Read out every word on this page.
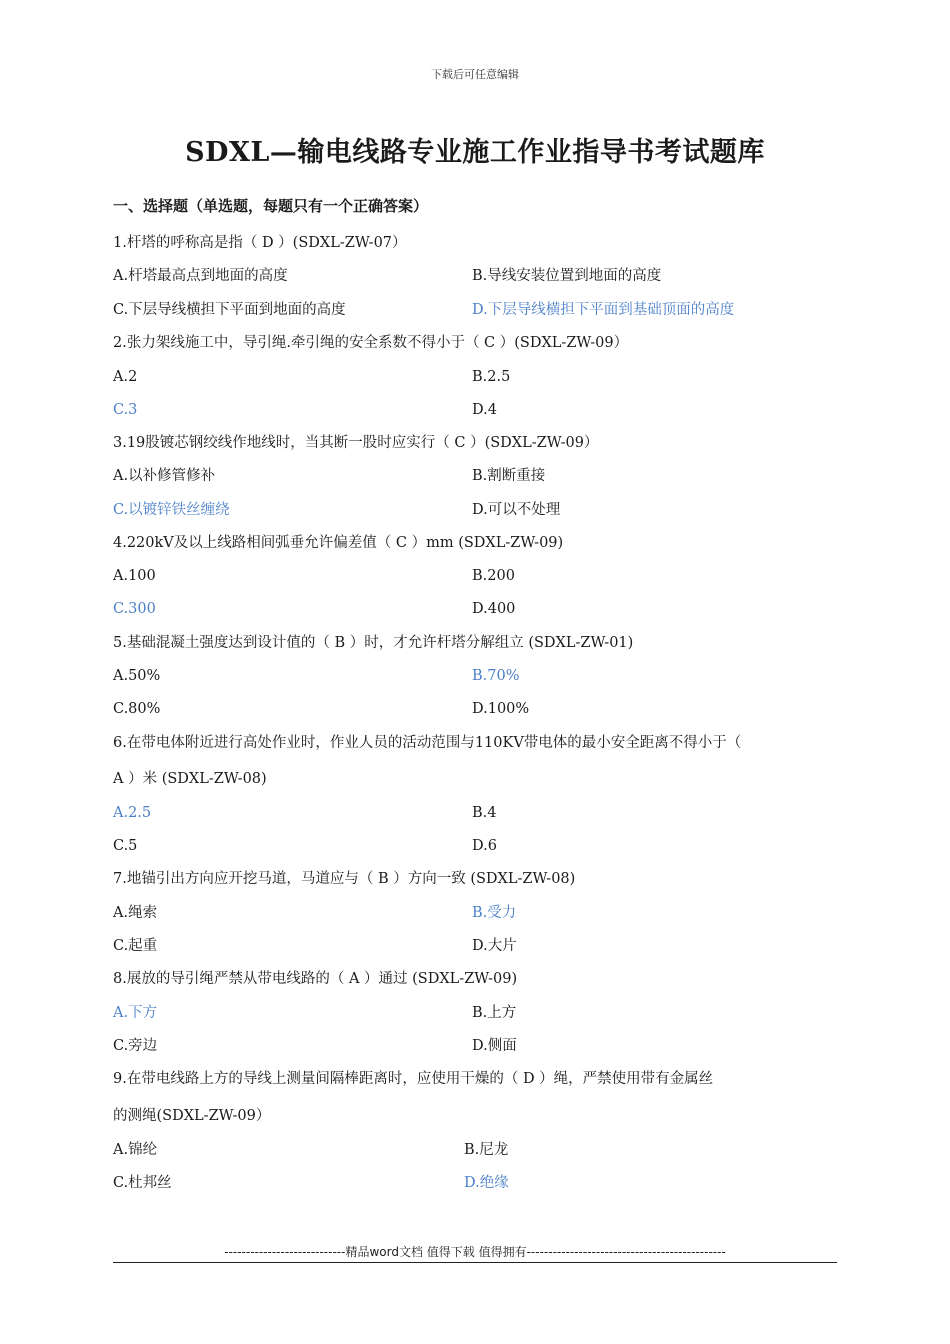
下载后可任意编辑
SDXL—输电线路专业施工作业指导书考试题库
一、选择题（单选题，每题只有一个正确答案）
1.杆塔的呼称高是指（ D ）(SDXL-ZW-07）
A.杆塔最高点到地面的高度	B.导线安装位置到地面的高度
C.下层导线横担下平面到地面的高度	D.下层导线横担下平面到基础顶面的高度
2.张力架线施工中，导引绳.牵引绳的安全系数不得小于（ C ）(SDXL-ZW-09）
A.2	B.2.5
C.3	D.4
3.19股镀芯钢绞线作地线时，当其断一股时应实行（ C ）(SDXL-ZW-09）
A.以补修管修补	B.割断重接
C.以镀锌铁丝缠绕	D.可以不处理
4.220kV及以上线路相间弧垂允许偏差值（ C ）mm (SDXL-ZW-09)
A.100	B.200
C.300	D.400
5.基础混凝土强度达到设计值的（ B ）时，才允许杆塔分解组立 (SDXL-ZW-01)
A.50%	B.70%
C.80%	D.100%
6.在带电体附近进行高处作业时，作业人员的活动范围与110KV带电体的最小安全距离不得小于（
A ）米 (SDXL-ZW-08)
A.2.5	B.4
C.5	D.6
7.地锚引出方向应开挖马道，马道应与（ B ）方向一致 (SDXL-ZW-08)
A.绳索	B.受力
C.起重	D.大片
8.展放的导引绳严禁从带电线路的（ A ）通过 (SDXL-ZW-09)
A.下方	B.上方
C.旁边	D.侧面
9.在带电线路上方的导线上测量间隔棒距离时，应使用干燥的（ D ）绳，严禁使用带有金属丝
的测绳(SDXL-ZW-09）
A.锦纶	B.尼龙
C.杜邦丝	D.绝缘
----------------------------精品word文档 值得下载 值得拥有----------------------------------------------
